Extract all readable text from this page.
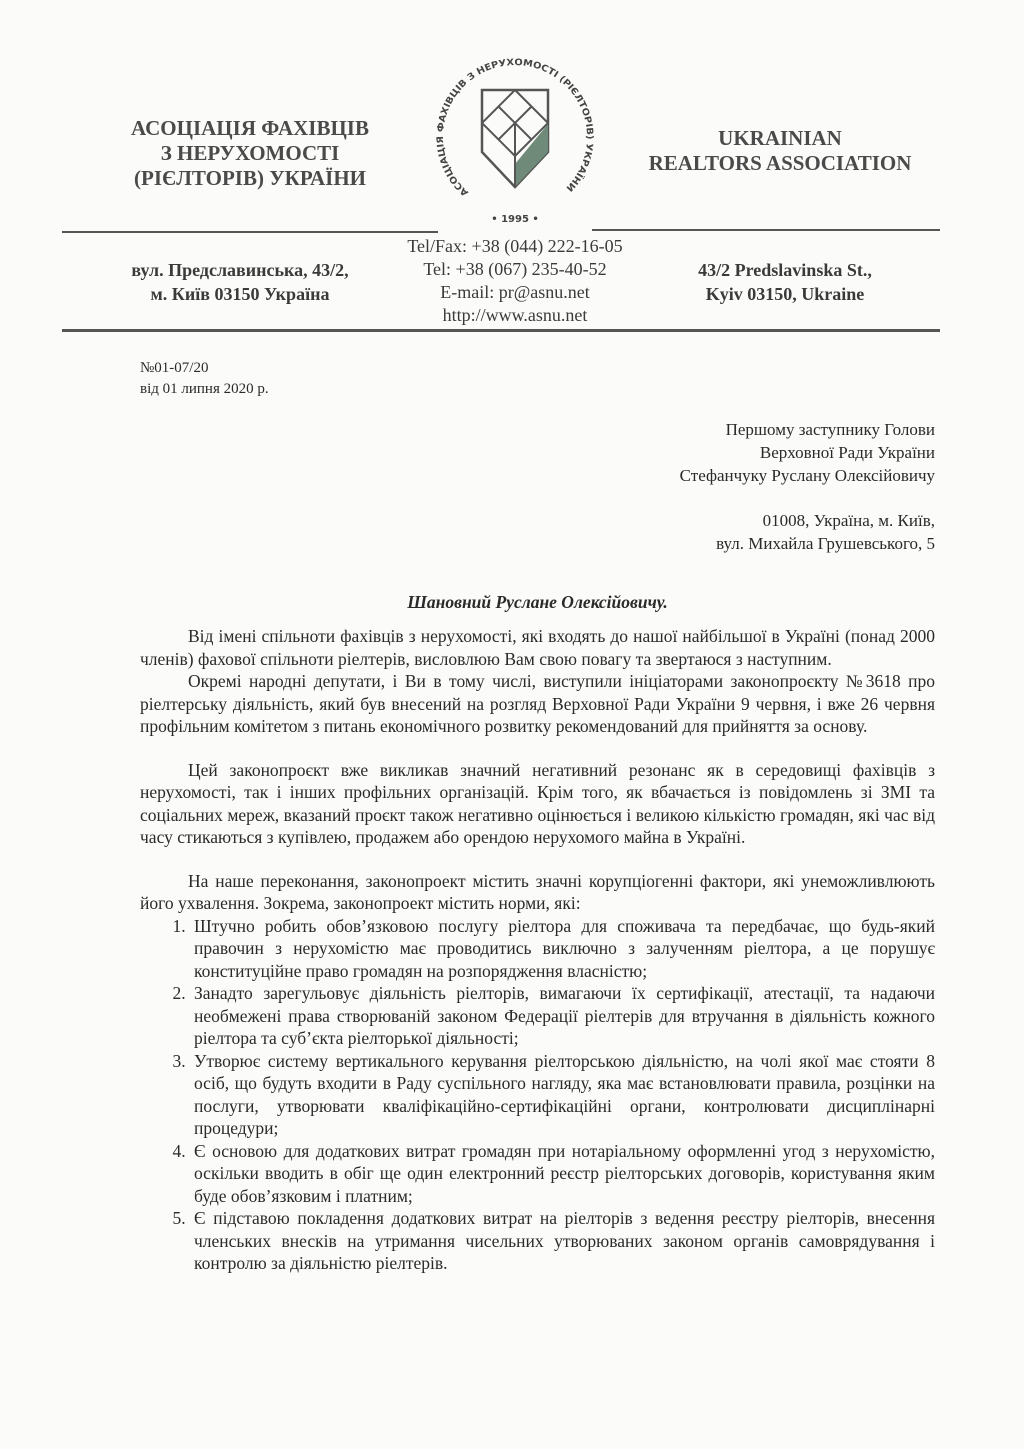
АСОЦІАЦІЯ ФАХІВЦІВ
З НЕРУХОМОСТІ
(РІЄЛТОРІВ) УКРАЇНИ
АСОЦІАЦІЯ ФАХІВЦІВ З НЕРУХОМОСТІ (РІЄЛТОРІВ) УКРАЇНИ
• 1995 •
UKRAINIAN
REALTORS ASSOCIATION
вул. Предславинська, 43/2,
м. Київ 03150 Україна
Tel/Fax: +38 (044) 222-16-05
Tel: +38 (067) 235-40-52
E-mail: pr@asnu.net
http://www.asnu.net
43/2 Predslavinska St.,
Kyiv 03150, Ukraine
№01-07/20
від 01 липня 2020 р.
Першому заступнику Голови
Верховної Ради України
Стефанчуку Руслану Олексійовичу
01008, Україна, м. Київ,
вул. Михайла Грушевського, 5
Шановний Руслане Олексійовичу.

Від імені спільноти фахівців з нерухомості, які входять до нашої найбільшої в Україні (понад 2000 членів) фахової спільноти ріелтерів, висловлюю Вам свою повагу та звертаюся з наступним.

Окремі народні депутати, і Ви в тому числі, виступили ініціаторами законопроєкту №3618 про ріелтерську діяльність, який був внесений на розгляд Верховної Ради України 9 червня, і вже 26 червня профільним комітетом з питань економічного розвитку рекомендований для прийняття за основу.

Цей законопроєкт вже викликав значний негативний резонанс як в середовищі фахівців з нерухомості, так і інших профільних організацій. Крім того, як вбачається із повідомлень зі ЗМІ та соціальних мереж, вказаний проєкт також негативно оцінюється і великою кількістю громадян, які час від часу стикаються з купівлею, продажем або орендою нерухомого майна в Україні.

На наше переконання, законопроект містить значні корупціогенні фактори, які унеможливлюють його ухвалення. Зокрема, законопроект містить норми, які:

1. Штучно робить обов’язковою послугу ріелтора для споживача та передбачає, що будь-який правочин з нерухомістю має проводитись виключно з залученням ріелтора, а це порушує конституційне право громадян на розпорядження власністю;
2. Занадто зарегульовує діяльність ріелторів, вимагаючи їх сертифікації, атестації, та надаючи необмежені права створюваній законом Федерації ріелтерів для втручання в діяльність кожного ріелтора та суб’єкта ріелторької діяльності;
3. Утворює систему вертикального керування ріелторською діяльністю, на чолі якої має стояти 8 осіб, що будуть входити в Раду суспільного нагляду, яка має встановлювати правила, розцінки на послуги, утворювати кваліфікаційно-сертифікаційні органи, контролювати дисциплінарні процедури;
4. Є основою для додаткових витрат громадян при нотаріальному оформленні угод з нерухомістю, оскільки вводить в обіг ще один електронний реєстр ріелторських договорів, користування яким буде обов’язковим і платним;
5. Є підставою покладення додаткових витрат на ріелторів з ведення реєстру ріелторів, внесення членських внесків на утримання чисельних утворюваних законом органів самоврядування і контролю за діяльністю ріелтерів.
